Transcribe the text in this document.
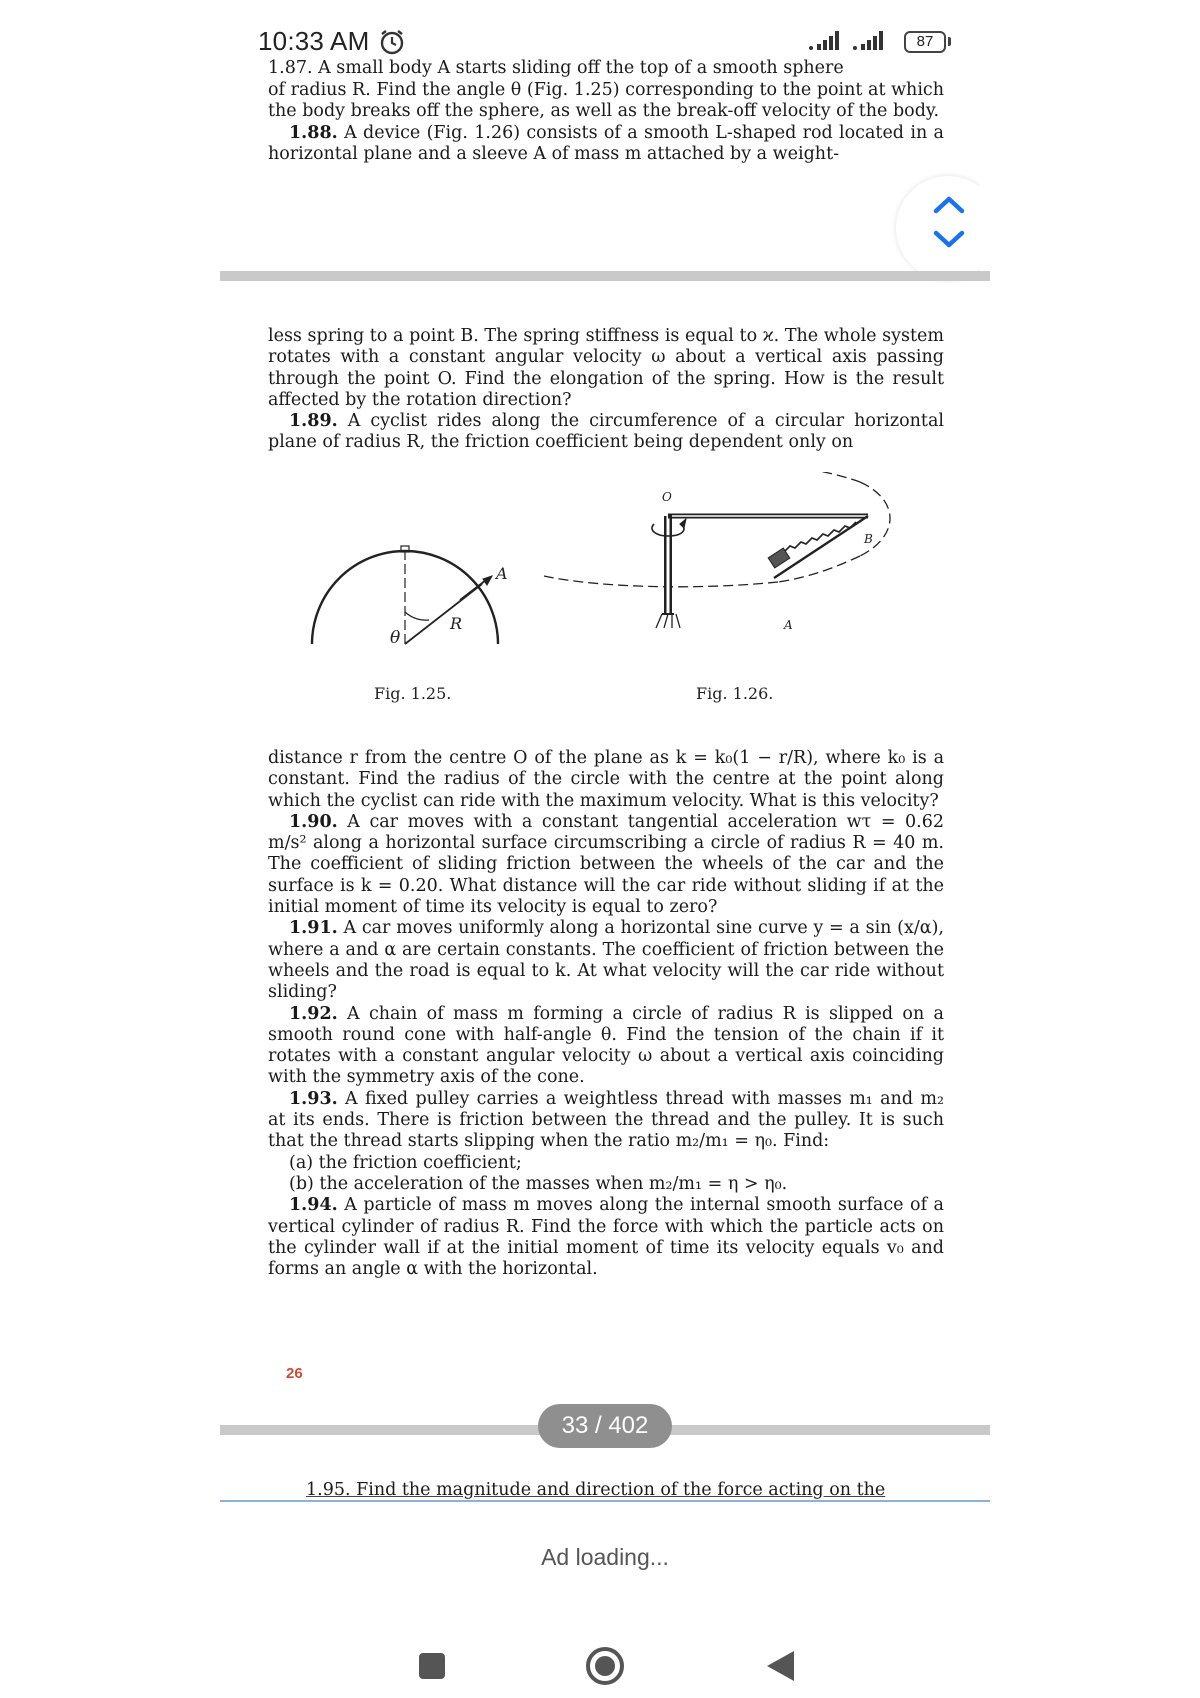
10:33 AM	87

1.87. A small body A starts sliding off the top of a smooth sphere

of radius R. Find the angle θ (Fig. 1.25) corresponding to the point at which the body breaks off the sphere, as well as the break-off velocity of the body.

1.88. A device (Fig. 1.26) consists of a smooth L-shaped rod located in a horizontal plane and a sleeve A of mass m attached by a weight-

less spring to a point B. The spring stiffness is equal to ϰ. The whole system rotates with a constant angular velocity ω about a vertical axis passing through the point O. Find the elongation of the spring. How is the result affected by the rotation direction?

1.89. A cyclist rides along the circumference of a circular horizontal plane of radius R, the friction coefficient being dependent only on

θ
R
A
O
B
A
Fig. 1.25.	Fig. 1.26.

distance r from the centre O of the plane as k = k₀(1 − r/R), where k₀ is a constant. Find the radius of the circle with the centre at the point along which the cyclist can ride with the maximum velocity. What is this velocity?

1.90. A car moves with a constant tangential acceleration wτ = 0.62 m/s² along a horizontal surface circumscribing a circle of radius R = 40 m. The coefficient of sliding friction between the wheels of the car and the surface is k = 0.20. What distance will the car ride without sliding if at the initial moment of time its velocity is equal to zero?

1.91. A car moves uniformly along a horizontal sine curve y = a sin (x/α), where a and α are certain constants. The coefficient of friction between the wheels and the road is equal to k. At what velocity will the car ride without sliding?

1.92. A chain of mass m forming a circle of radius R is slipped on a smooth round cone with half-angle θ. Find the tension of the chain if it rotates with a constant angular velocity ω about a vertical axis coinciding with the symmetry axis of the cone.

1.93. A fixed pulley carries a weightless thread with masses m₁ and m₂ at its ends. There is friction between the thread and the pulley. It is such that the thread starts slipping when the ratio m₂/m₁ = η₀. Find:

(a) the friction coefficient;

(b) the acceleration of the masses when m₂/m₁ = η > η₀.

1.94. A particle of mass m moves along the internal smooth surface of a vertical cylinder of radius R. Find the force with which the particle acts on the cylinder wall if at the initial moment of time its velocity equals v₀ and forms an angle α with the horizontal.

26
33 / 402

1.95. Find the magnitude and direction of the force acting on the

Ad loading...
